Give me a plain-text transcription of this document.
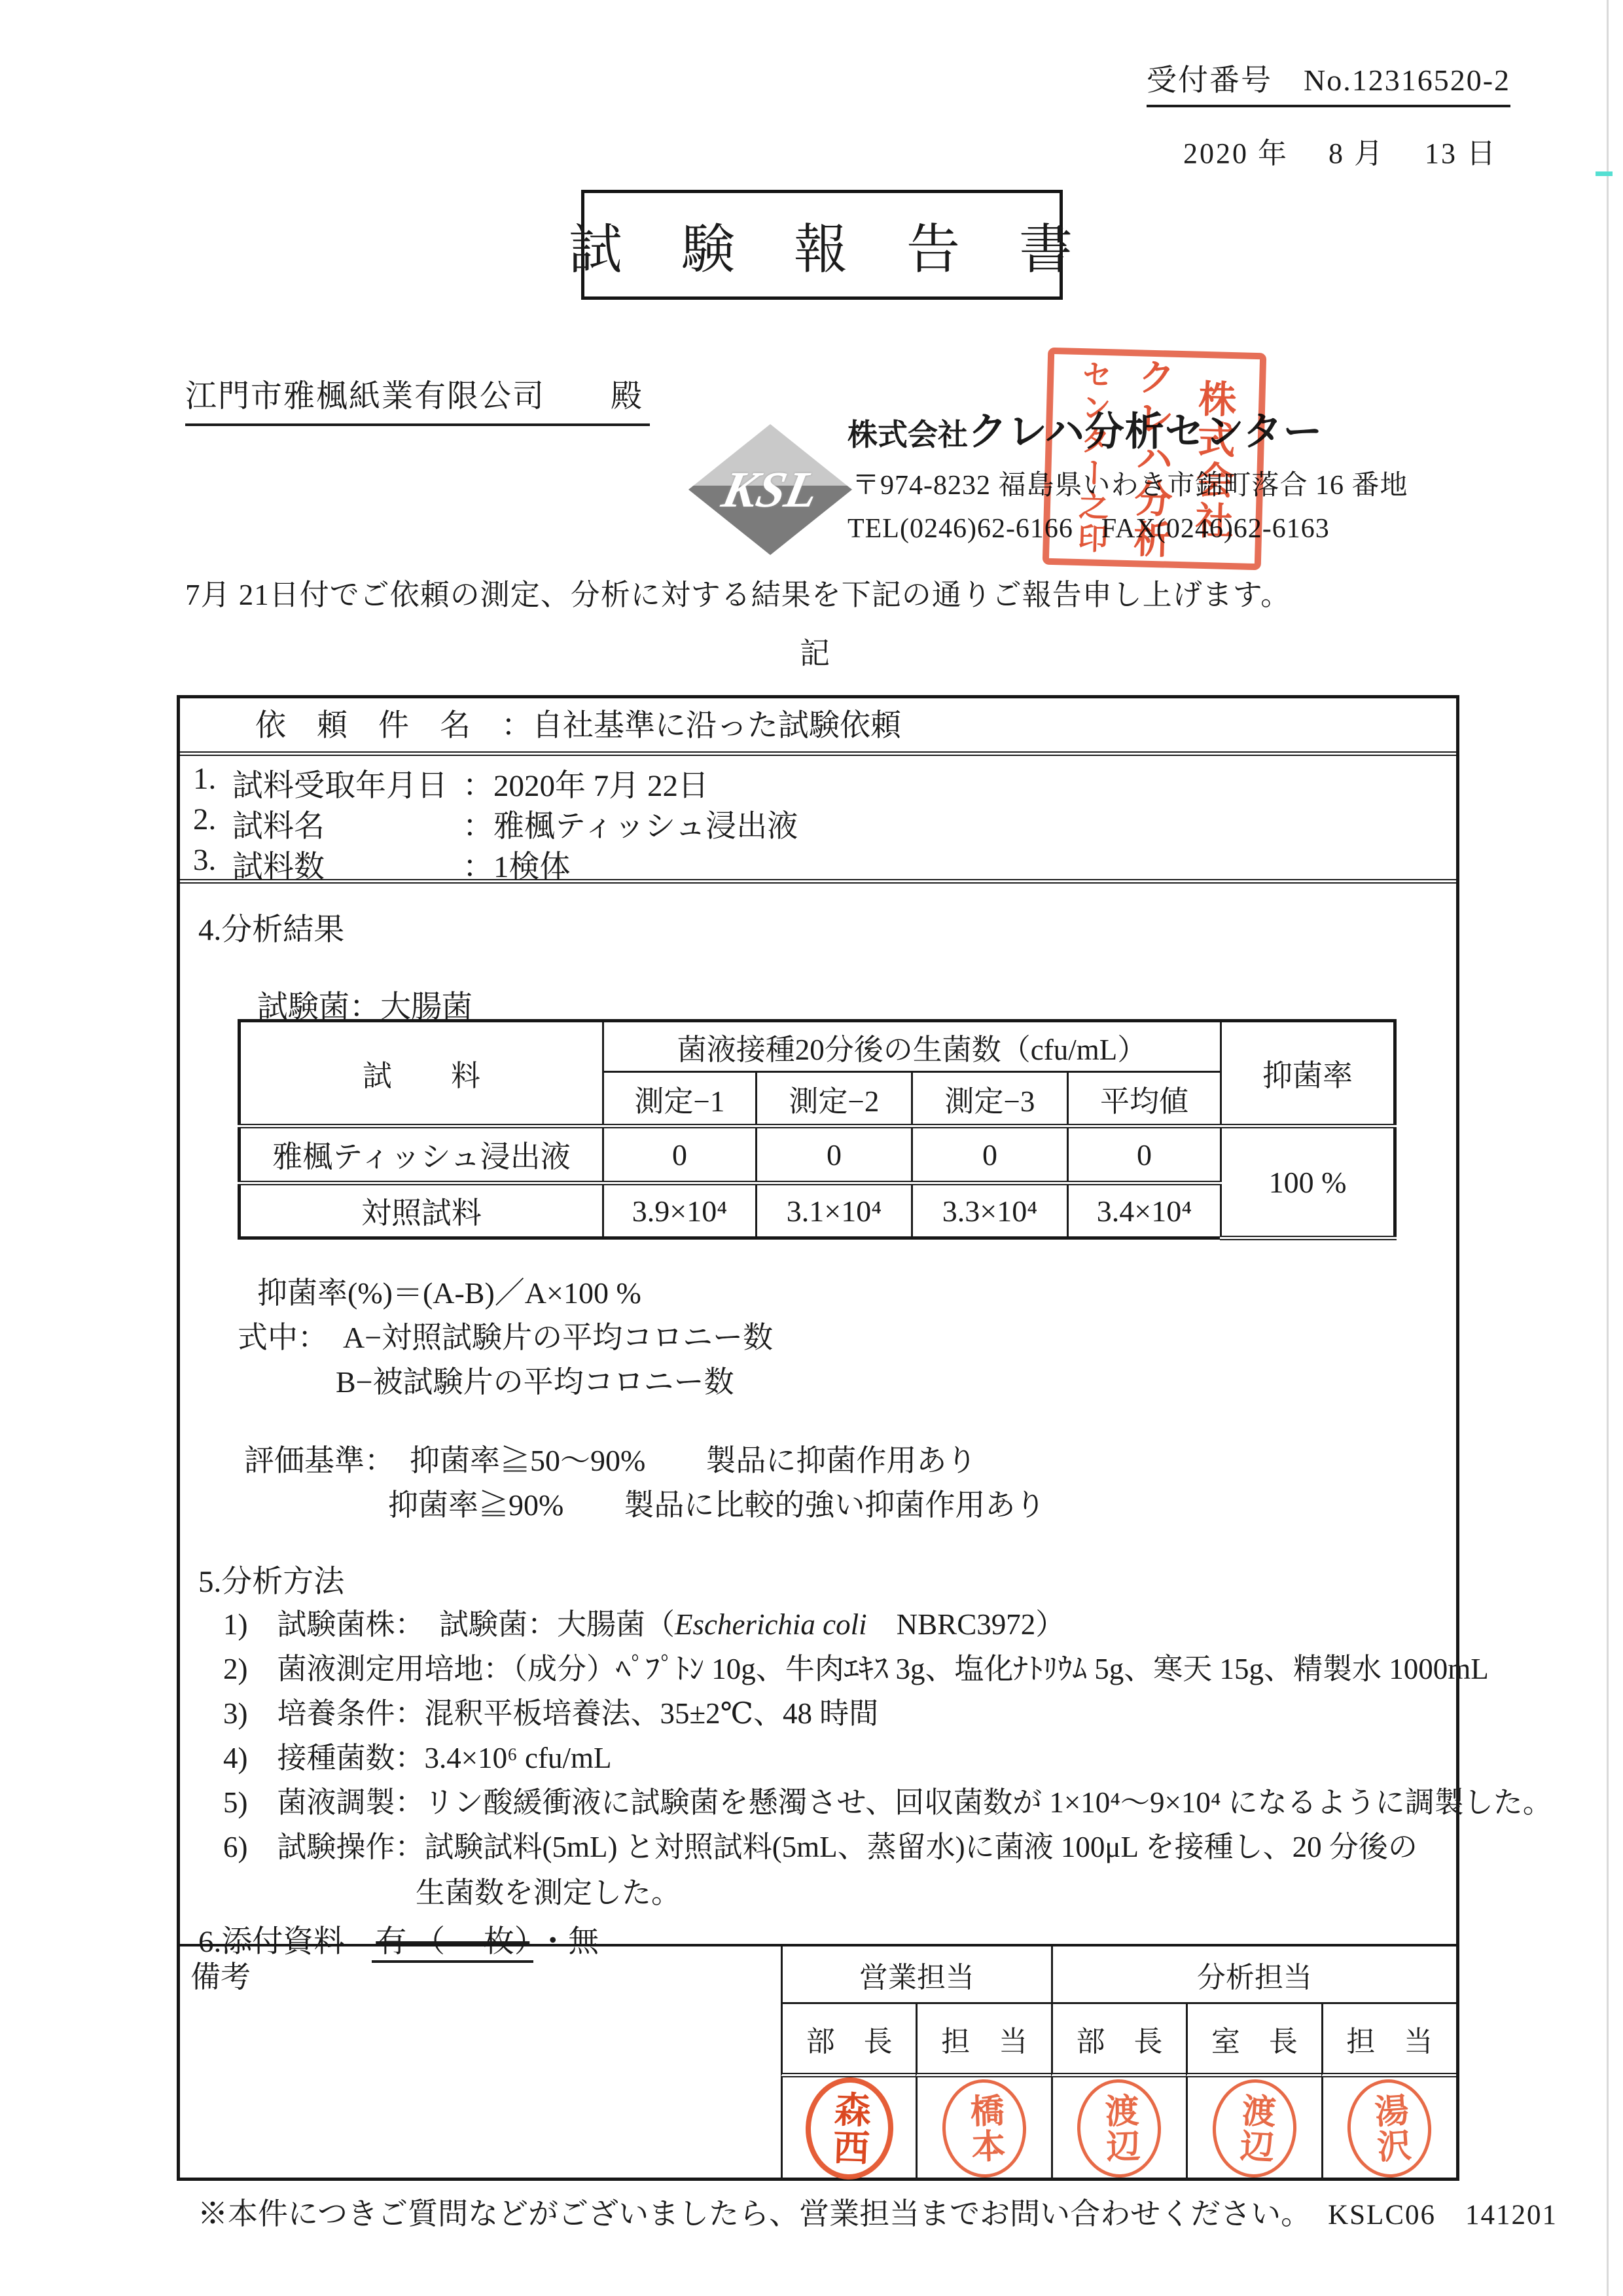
受付番号　No.12316520-2
2020 年　 8 月　 13 日
試　験　報　告　書
江門市雅楓紙業有限公司　　殿
KSL
株式会社クレハ分析センター
〒974-8232 福島県いわき市錦町落合 16 番地
TEL(0246)62-6166　FAX(0246)62-6163
株式会社
クレハ分析
センター之印
7月 21日付でご依頼の測定、分析に対する結果を下記の通りご報告申し上げます。
記
依　頼　件　名　：自社基準に沿った試験依頼
1. 試料受取年月日 ：2020年 7月 22日
2. 試料名	：雅楓ティッシュ浸出液
3. 試料数	：1検体
4.分析結果
試験菌：大腸菌
試　　料	菌液接種20分後の生菌数（cfu/mL）				抑菌率
	測定−1	測定−2	測定−3	平均値	
雅楓ティッシュ浸出液	0	0	0	0	100 %
対照試料	3.9×10⁴	3.1×10⁴	3.3×10⁴	3.4×10⁴	
抑菌率(%)＝(A‐B)／A×100 %
式中：　A−対照試験片の平均コロニー数
B−被試験片の平均コロニー数
評価基準：　抑菌率≧50〜90%　　製品に抑菌作用あり
抑菌率≧90%　　製品に比較的強い抑菌作用あり
5.分析方法
1)　試験菌株：　試験菌：大腸菌（Escherichia coli　NBRC3972）
2)　菌液測定用培地：（成分）ﾍﾟﾌﾟﾄﾝ 10g、牛肉ｴｷｽ 3g、塩化ﾅﾄﾘｳﾑ 5g、寒天 15g、精製水 1000mL
3)　培養条件：混釈平板培養法、35±2℃、48 時間
4)　接種菌数：3.4×10⁶ cfu/mL
5)　菌液調製：リン酸緩衝液に試験菌を懸濁させ、回収菌数が 1×10⁴〜9×10⁴ になるように調製した。
6)　試験操作：試験試料(5mL) と対照試料(5mL、蒸留水)に菌液 100μL を接種し、20 分後の
生菌数を測定した。
6.添付資料 有 （　 枚） ・無
備考	営業担当	分析担当
部　長	担　当	部　長	室　長	担　当
森西	橋本	渡辺	渡辺	湯沢
※本件につきご質問などがございましたら、営業担当までお問い合わせください。 KSLC06　141201
